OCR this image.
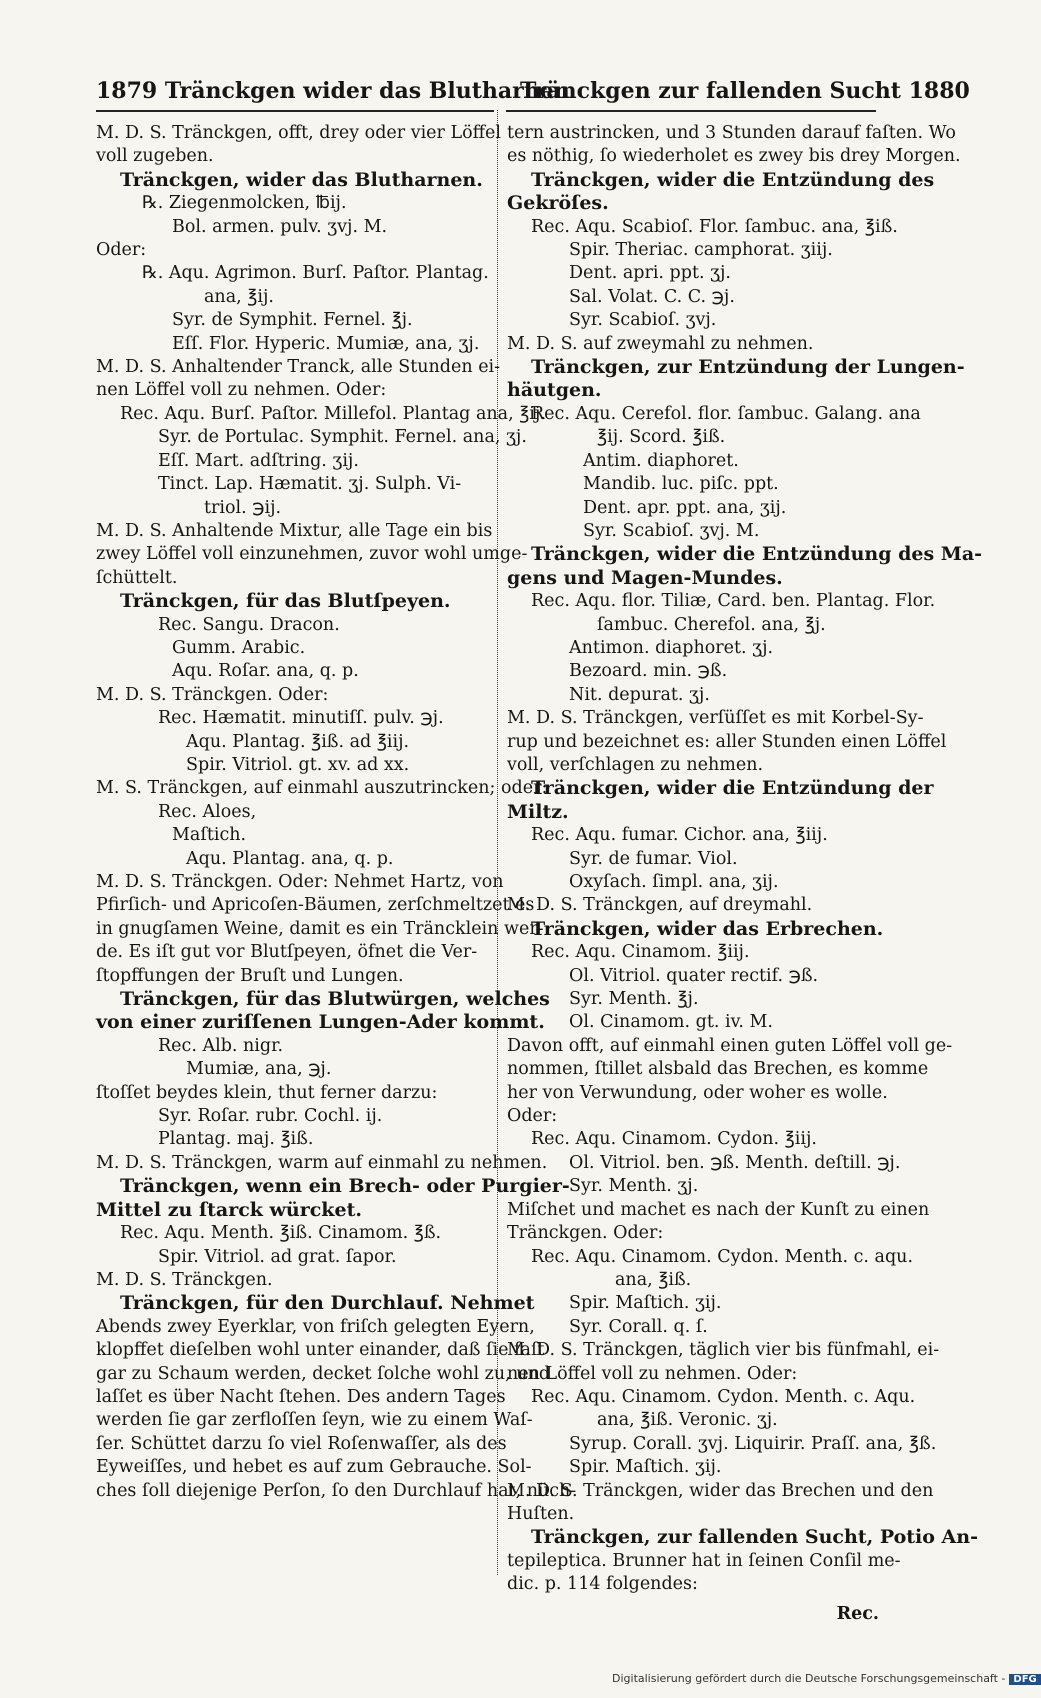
1879 Tränckgen wider das Blutharnen
Tränckgen zur fallenden Sucht 1880
M. D. S. Tränckgen, offt, drey oder vier Löffel
voll zugeben.
Tränckgen, wider das Blutharnen.
℞. Ziegenmolcken, ℔ij.
Bol. armen. pulv. ʒvj. M.
Oder:
℞. Aqu. Agrimon. Burſ. Paſtor. Plantag.
ana, ℥ij.
Syr. de Symphit. Fernel. ℥j.
Eſſ. Flor. Hyperic. Mumiæ, ana, ʒj.
M. D. S. Anhaltender Tranck, alle Stunden ei-
nen Löffel voll zu nehmen. Oder:
Rec. Aqu. Burſ. Paſtor. Millefol. Plantag ana, ℥ij.
Syr. de Portulac. Symphit. Fernel. ana, ʒj.
Eſſ. Mart. adſtring. ʒij.
Tinct. Lap. Hæmatit. ʒj. Sulph. Vi-
triol. ℈ij.
M. D. S. Anhaltende Mixtur, alle Tage ein bis
zwey Löffel voll einzunehmen, zuvor wohl umge-
ſchüttelt.
Tränckgen, für das Blutſpeyen.
Rec. Sangu. Dracon.
Gumm. Arabic.
Aqu. Roſar. ana, q. p.
M. D. S. Tränckgen. Oder:
Rec. Hæmatit. minutiſſ. pulv. ℈j.
Aqu. Plantag. ℥iß. ad ℥iij.
Spir. Vitriol. gt. xv. ad xx.
M. S. Tränckgen, auf einmahl auszutrincken; oder:
Rec. Aloes,
Maſtich.
Aqu. Plantag. ana, q. p.
M. D. S. Tränckgen. Oder: Nehmet Hartz, von
Pfirſich- und Apricoſen-Bäumen, zerſchmeltzet es
in gnugſamen Weine, damit es ein Träncklein wer-
de. Es iſt gut vor Blutſpeyen, öfnet die Ver-
ſtopffungen der Bruſt und Lungen.
Tränckgen, für das Blutwürgen, welches
von einer zuriſſenen Lungen-Ader kommt.
Rec. Alb. nigr.
Mumiæ, ana, ℈j.
ſtoſſet beydes klein, thut ferner darzu:
Syr. Roſar. rubr. Cochl. ij.
Plantag. maj. ℥iß.
M. D. S. Tränckgen, warm auf einmahl zu nehmen.
Tränckgen, wenn ein Brech- oder Purgier-
Mittel zu ſtarck würcket.
Rec. Aqu. Menth. ℥iß. Cinamom. ℥ß.
Spir. Vitriol. ad grat. ſapor.
M. D. S. Tränckgen.
Tränckgen, für den Durchlauf. Nehmet
Abends zwey Eyerklar, von friſch gelegten Eyern,
klopffet dieſelben wohl unter einander, daß ſie faſt
gar zu Schaum werden, decket ſolche wohl zu, und
laſſet es über Nacht ſtehen. Des andern Tages
werden ſie gar zerfloſſen ſeyn, wie zu einem Waſ-
ſer. Schüttet darzu ſo viel Roſenwaſſer, als des
Eyweiſſes, und hebet es auf zum Gebrauche. Sol-
ches ſoll diejenige Perſon, ſo den Durchlauf hat, nüch-
tern austrincken, und 3 Stunden darauf faſten. Wo
es nöthig, ſo wiederholet es zwey bis drey Morgen.
Tränckgen, wider die Entzündung des
Gekröſes.
Rec. Aqu. Scabioſ. Flor. ſambuc. ana, ℥iß.
Spir. Theriac. camphorat. ʒiij.
Dent. apri. ppt. ʒj.
Sal. Volat. C. C. ℈j.
Syr. Scabioſ. ʒvj.
M. D. S. auf zweymahl zu nehmen.
Tränckgen, zur Entzündung der Lungen-
häutgen.
Rec. Aqu. Cerefol. flor. ſambuc. Galang. ana
℥ij. Scord. ℥iß.
Antim. diaphoret.
Mandib. luc. piſc. ppt.
Dent. apr. ppt. ana, ʒij.
Syr. Scabioſ. ʒvj. M.
Tränckgen, wider die Entzündung des Ma-
gens und Magen-Mundes.
Rec. Aqu. flor. Tiliæ, Card. ben. Plantag. Flor.
ſambuc. Cherefol. ana, ℥j.
Antimon. diaphoret. ʒj.
Bezoard. min. ℈ß.
Nit. depurat. ʒj.
M. D. S. Tränckgen, verſüſſet es mit Korbel-Sy-
rup und bezeichnet es: aller Stunden einen Löffel
voll, verſchlagen zu nehmen.
Tränckgen, wider die Entzündung der
Miltz.
Rec. Aqu. fumar. Cichor. ana, ℥iij.
Syr. de fumar. Viol.
Oxyſach. ſimpl. ana, ʒij.
M. D. S. Tränckgen, auf dreymahl.
Tränckgen, wider das Erbrechen.
Rec. Aqu. Cinamom. ℥iij.
Ol. Vitriol. quater rectif. ℈ß.
Syr. Menth. ℥j.
Ol. Cinamom. gt. iv. M.
Davon offt, auf einmahl einen guten Löffel voll ge-
nommen, ſtillet alsbald das Brechen, es komme
her von Verwundung, oder woher es wolle.
Oder:
Rec. Aqu. Cinamom. Cydon. ℥iij.
Ol. Vitriol. ben. ℈ß. Menth. deſtill. ℈j.
Syr. Menth. ʒj.
Miſchet und machet es nach der Kunſt zu einen
Tränckgen. Oder:
Rec. Aqu. Cinamom. Cydon. Menth. c. aqu.
ana, ℥iß.
Spir. Maſtich. ʒij.
Syr. Corall. q. ſ.
M. D. S. Tränckgen, täglich vier bis fünfmahl, ei-
nen Löffel voll zu nehmen. Oder:
Rec. Aqu. Cinamom. Cydon. Menth. c. Aqu.
ana, ℥iß. Veronic. ʒj.
Syrup. Corall. ʒvj. Liquirir. Praſſ. ana, ℥ß.
Spir. Maſtich. ʒij.
M. D. S. Tränckgen, wider das Brechen und den
Huſten.
Tränckgen, zur fallenden Sucht, Potio An-
tepileptica. Brunner hat in ſeinen Conſil me-
dic. p. 114 folgendes:
Rec.
Digitalisierung gefördert durch die Deutsche Forschungsgemeinschaft - DFG
